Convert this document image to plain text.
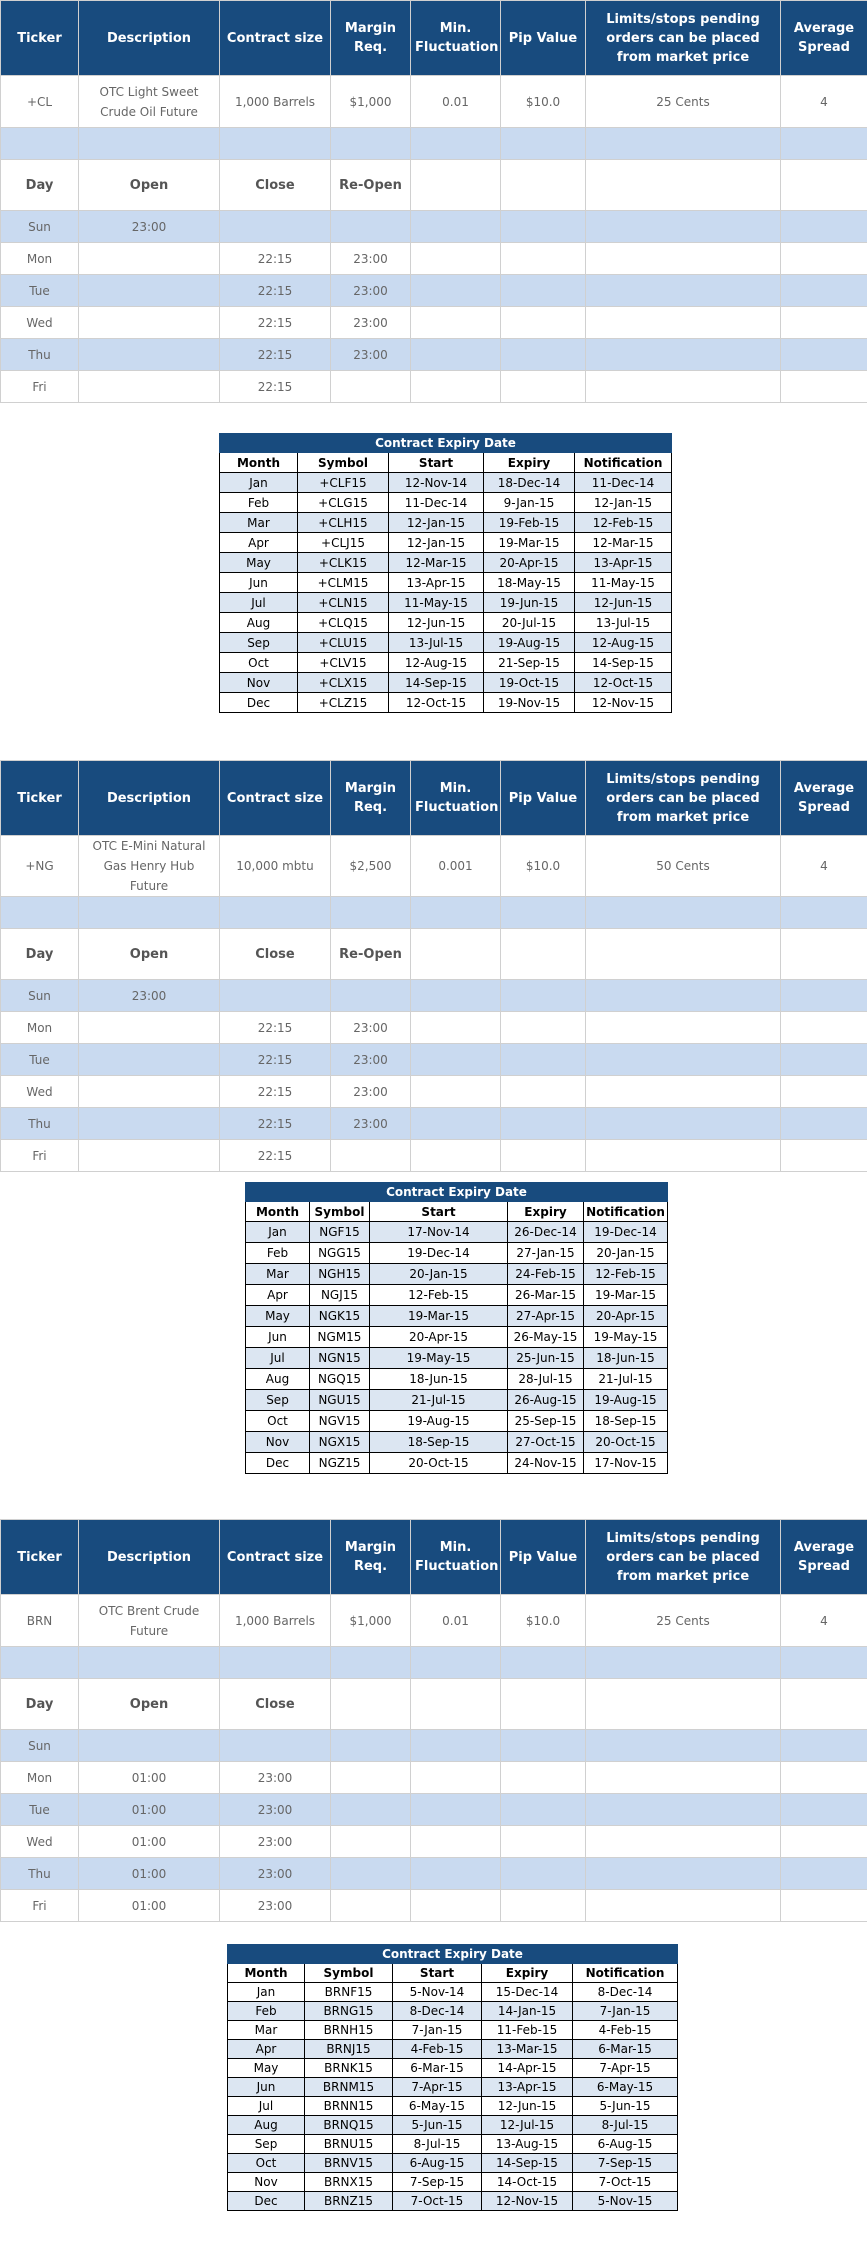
Ticker	Description	Contract size	Margin Req.	Min. Fluctuation	Pip Value	Limits/stops pending orders can be placed from market price	Average Spread
+CL	OTC Light Sweet Crude Oil Future	1,000 Barrels	$1,000	0.01	$10.0	25 Cents	4

Day	Open	Close	Re-Open				
Sun	23:00						
Mon		22:15	23:00				
Tue		22:15	23:00				
Wed		22:15	23:00				
Thu		22:15	23:00				
Fri		22:15					
Contract Expiry Date				
Month	Symbol	Start	Expiry	Notification
Jan	+CLF15	12-Nov-14	18-Dec-14	11-Dec-14
Feb	+CLG15	11-Dec-14	9-Jan-15	12-Jan-15
Mar	+CLH15	12-Jan-15	19-Feb-15	12-Feb-15
Apr	+CLJ15	12-Jan-15	19-Mar-15	12-Mar-15
May	+CLK15	12-Mar-15	20-Apr-15	13-Apr-15
Jun	+CLM15	13-Apr-15	18-May-15	11-May-15
Jul	+CLN15	11-May-15	19-Jun-15	12-Jun-15
Aug	+CLQ15	12-Jun-15	20-Jul-15	13-Jul-15
Sep	+CLU15	13-Jul-15	19-Aug-15	12-Aug-15
Oct	+CLV15	12-Aug-15	21-Sep-15	14-Sep-15
Nov	+CLX15	14-Sep-15	19-Oct-15	12-Oct-15
Dec	+CLZ15	12-Oct-15	19-Nov-15	12-Nov-15
Ticker	Description	Contract size	Margin Req.	Min. Fluctuation	Pip Value	Limits/stops pending orders can be placed from market price	Average Spread
+NG	OTC E-Mini Natural Gas Henry Hub Future	10,000 mbtu	$2,500	0.001	$10.0	50 Cents	4

Day	Open	Close	Re-Open				
Sun	23:00						
Mon		22:15	23:00				
Tue		22:15	23:00				
Wed		22:15	23:00				
Thu		22:15	23:00				
Fri		22:15					
Contract Expiry Date				
Month	Symbol	Start	Expiry	Notification
Jan	NGF15	17-Nov-14	26-Dec-14	19-Dec-14
Feb	NGG15	19-Dec-14	27-Jan-15	20-Jan-15
Mar	NGH15	20-Jan-15	24-Feb-15	12-Feb-15
Apr	NGJ15	12-Feb-15	26-Mar-15	19-Mar-15
May	NGK15	19-Mar-15	27-Apr-15	20-Apr-15
Jun	NGM15	20-Apr-15	26-May-15	19-May-15
Jul	NGN15	19-May-15	25-Jun-15	18-Jun-15
Aug	NGQ15	18-Jun-15	28-Jul-15	21-Jul-15
Sep	NGU15	21-Jul-15	26-Aug-15	19-Aug-15
Oct	NGV15	19-Aug-15	25-Sep-15	18-Sep-15
Nov	NGX15	18-Sep-15	27-Oct-15	20-Oct-15
Dec	NGZ15	20-Oct-15	24-Nov-15	17-Nov-15
Ticker	Description	Contract size	Margin Req.	Min. Fluctuation	Pip Value	Limits/stops pending orders can be placed from market price	Average Spread
BRN	OTC Brent Crude Future	1,000 Barrels	$1,000	0.01	$10.0	25 Cents	4

Day	Open	Close					
Sun							
Mon	01:00	23:00					
Tue	01:00	23:00					
Wed	01:00	23:00					
Thu	01:00	23:00					
Fri	01:00	23:00					
Contract Expiry Date				
Month	Symbol	Start	Expiry	Notification
Jan	BRNF15	5-Nov-14	15-Dec-14	8-Dec-14
Feb	BRNG15	8-Dec-14	14-Jan-15	7-Jan-15
Mar	BRNH15	7-Jan-15	11-Feb-15	4-Feb-15
Apr	BRNJ15	4-Feb-15	13-Mar-15	6-Mar-15
May	BRNK15	6-Mar-15	14-Apr-15	7-Apr-15
Jun	BRNM15	7-Apr-15	13-Apr-15	6-May-15
Jul	BRNN15	6-May-15	12-Jun-15	5-Jun-15
Aug	BRNQ15	5-Jun-15	12-Jul-15	8-Jul-15
Sep	BRNU15	8-Jul-15	13-Aug-15	6-Aug-15
Oct	BRNV15	6-Aug-15	14-Sep-15	7-Sep-15
Nov	BRNX15	7-Sep-15	14-Oct-15	7-Oct-15
Dec	BRNZ15	7-Oct-15	12-Nov-15	5-Nov-15
